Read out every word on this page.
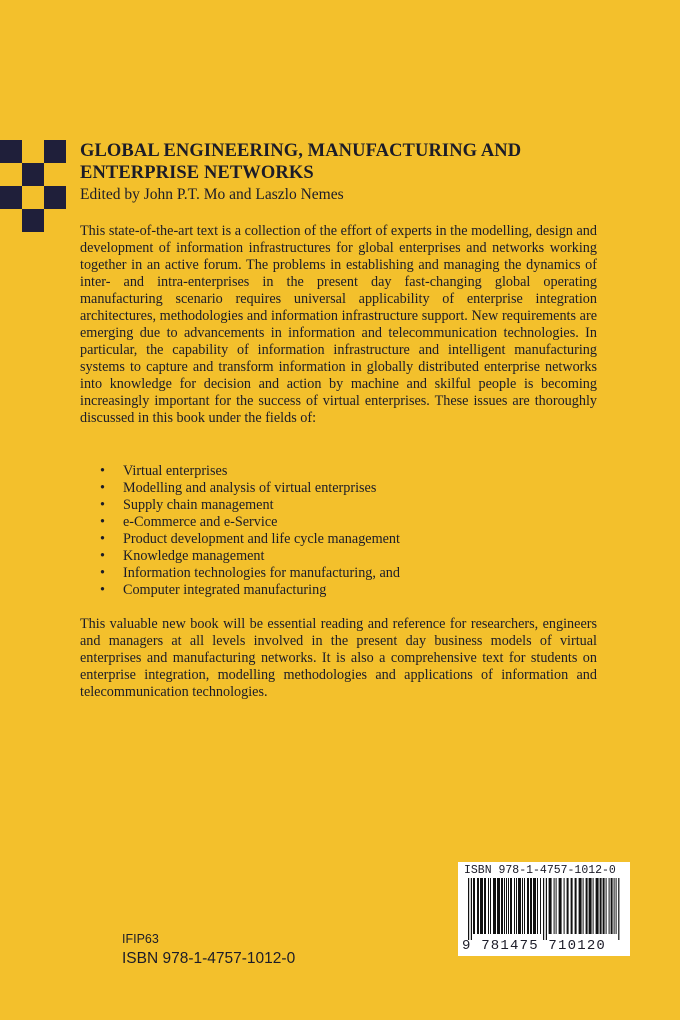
GLOBAL ENGINEERING, MANUFACTURING AND ENTERPRISE NETWORKS

Edited by John P.T. Mo and Laszlo Nemes

This state-of-the-art text is a collection of the effort of experts in the modelling, design and development of information infrastructures for global enterprises and networks working together in an active forum. The problems in establishing and managing the dynamics of inter- and intra-enterprises in the present day fast-changing global operating manufacturing scenario requires universal applicability of enterprise integration architectures, methodologies and information infrastructure support. New requirements are emerging due to advancements in information and telecommunication technologies. In particular, the capability of information infrastructure and intelligent manufacturing systems to capture and transform information in globally distributed enterprise networks into knowledge for decision and action by machine and skilful people is becoming increasingly important for the success of virtual enterprises. These issues are thoroughly discussed in this book under the fields of:

• Virtual enterprises
• Modelling and analysis of virtual enterprises
• Supply chain management
• e-Commerce and e-Service
• Product development and life cycle management
• Knowledge management
• Information technologies for manufacturing, and
• Computer integrated manufacturing

This valuable new book will be essential reading and reference for researchers, engineers and managers at all levels involved in the present day business models of virtual enterprises and manufacturing networks. It is also a comprehensive text for students on enterprise integration, modelling methodologies and applications of information and telecommunication technologies.

IFIP63

ISBN 978-1-4757-1012-0

ISBN 978-1-4757-1012-0
9 781475 710120
